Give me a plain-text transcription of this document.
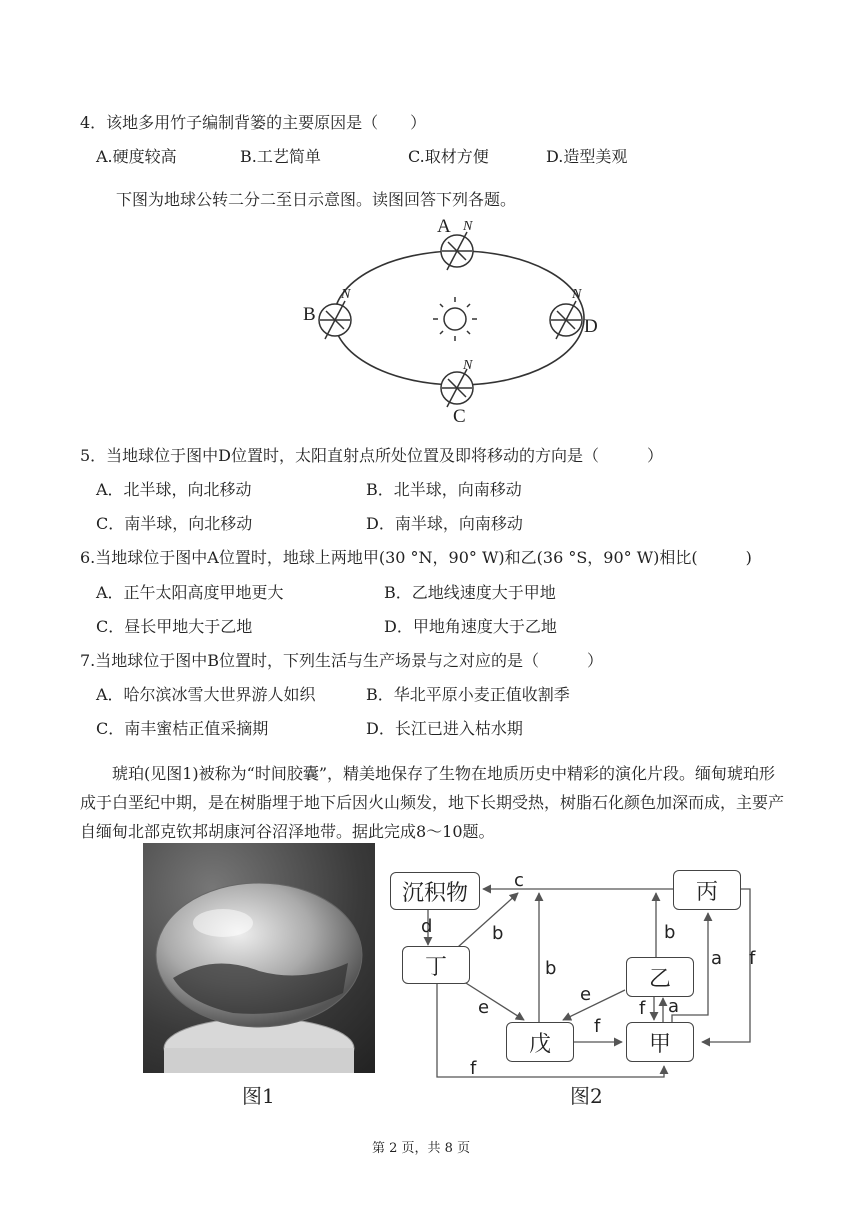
4．该地多用竹子编制背篓的主要原因是（　　）
A.硬度较高	B.工艺简单	C.取材方便	D.造型美观
下图为地球公转二分二至日示意图。读图回答下列各题。
A
B
C
D
N
N
N
N
5．当地球位于图中D位置时，太阳直射点所处位置及即将移动的方向是（　　　）
A．北半球，向北移动	B．北半球，向南移动
C．南半球，向北移动	D．南半球，向南移动
6.当地球位于图中A位置时，地球上两地甲(30 °N，90° W)和乙(36 °S，90° W)相比(　　　)
A．正午太阳高度甲地更大	B．乙地线速度大于甲地
C．昼长甲地大于乙地	D．甲地角速度大于乙地
7.当地球位于图中B位置时，下列生活与生产场景与之对应的是（　　　）
A．哈尔滨冰雪大世界游人如织	B．华北平原小麦正值收割季
C．南丰蜜桔正值采摘期	D．长江已进入枯水期
琥珀(见图1)被称为“时间胶囊”，精美地保存了生物在地质历史中精彩的演化片段。缅甸琥珀形成于白垩纪中期，是在树脂埋于地下后因火山频发，地下长期受热，树脂石化颜色加深而成，主要产自缅甸北部克钦邦胡康河谷沼泽地带。据此完成8～10题。
图1
沉积物	丙
丁	乙
戊	甲
c
d	b
b
b
a f
e
e	f a
f
f
图2
第 2 页，共 8 页
